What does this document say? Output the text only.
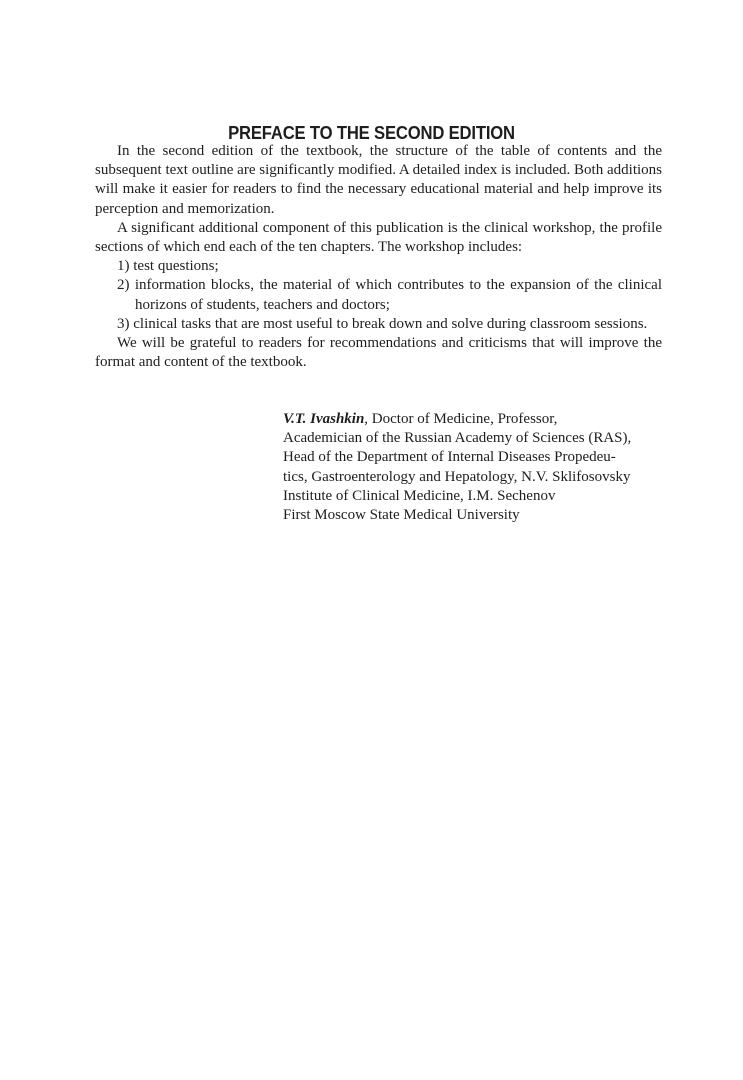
PREFACE TO THE SECOND EDITION

In the second edition of the textbook, the structure of the table of contents and the subsequent text outline are significantly modified. A detailed index is included. Both additions will make it easier for readers to find the necessary educational material and help improve its perception and memorization.

A significant additional component of this publication is the clinical workshop, the profile sections of which end each of the ten chapters. The workshop includes:

1) test questions;
2) information blocks, the material of which contributes to the expansion of the clinical horizons of students, teachers and doctors;
3) clinical tasks that are most useful to break down and solve during classroom sessions.

We will be grateful to readers for recommendations and criticisms that will improve the format and content of the textbook.

V.T. Ivashkin, Doctor of Medicine, Professor,
Academician of the Russian Academy of Sciences (RAS),
Head of the Department of Internal Diseases Propedeu-
tics, Gastroenterology and Hepatology, N.V. Sklifosovsky
Institute of Clinical Medicine, I.M. Sechenov
First Moscow State Medical University
